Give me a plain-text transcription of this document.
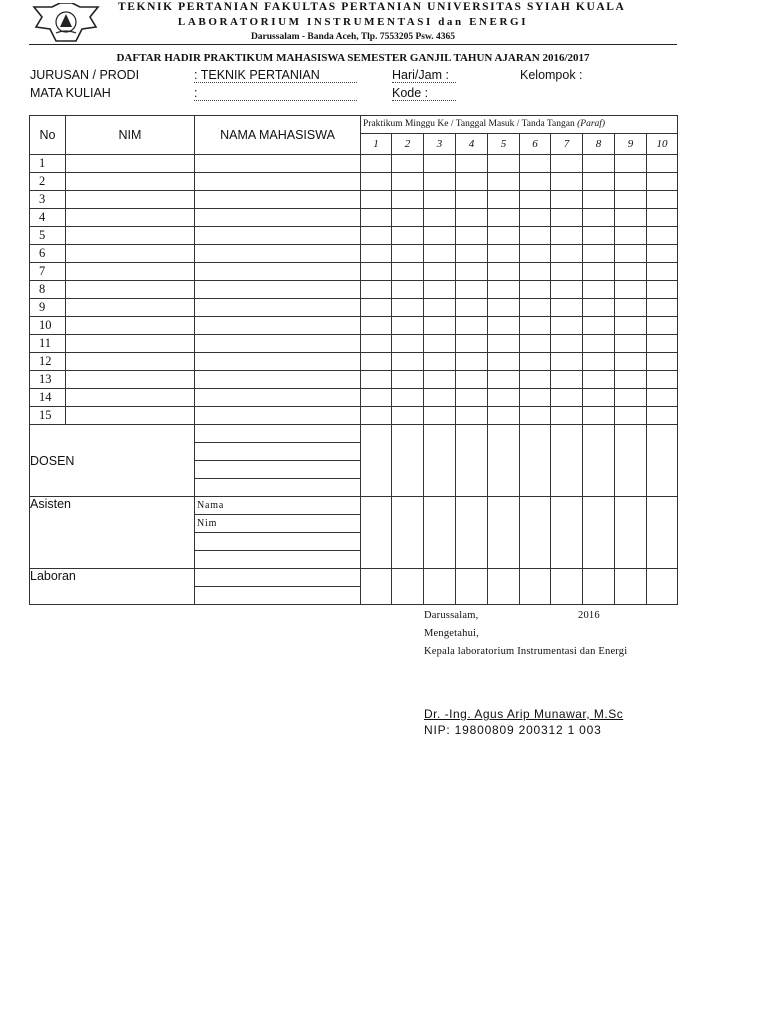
TEKNIK PERTANIAN FAKULTAS PERTANIAN UNIVERSITAS SYIAH KUALA
LABORATORIUM INSTRUMENTASI dan ENERGI
Darussalam - Banda Aceh, Tlp. 7553205 Psw. 4365
DAFTAR HADIR PRAKTIKUM MAHASISWA SEMESTER GANJIL TAHUN AJARAN 2016/2017
JURUSAN / PRODI	: TEKNIK PERTANIAN
MATA KULIAH	:
Hari/Jam :
Kode :
Kelompok :
No	NIM	NAMA MAHASISWA	Praktikum Minggu Ke / Tanggal Masuk / Tanda Tangan (Paraf)									
			1	2	3	4	5	6	7	8	9	10
1												
2												
3												
4												
5												
6												
7												
8												
9												
10												
11												
12												
13												
14												
15												
DOSEN												

Asisten		Nama										
		Nim										

Laboran												

Darussalam,	2016
Mengetahui,
Kepala laboratorium Instrumentasi dan Energi
Dr. -Ing. Agus Arip Munawar, M.Sc
NIP: 19800809 200312 1 003
